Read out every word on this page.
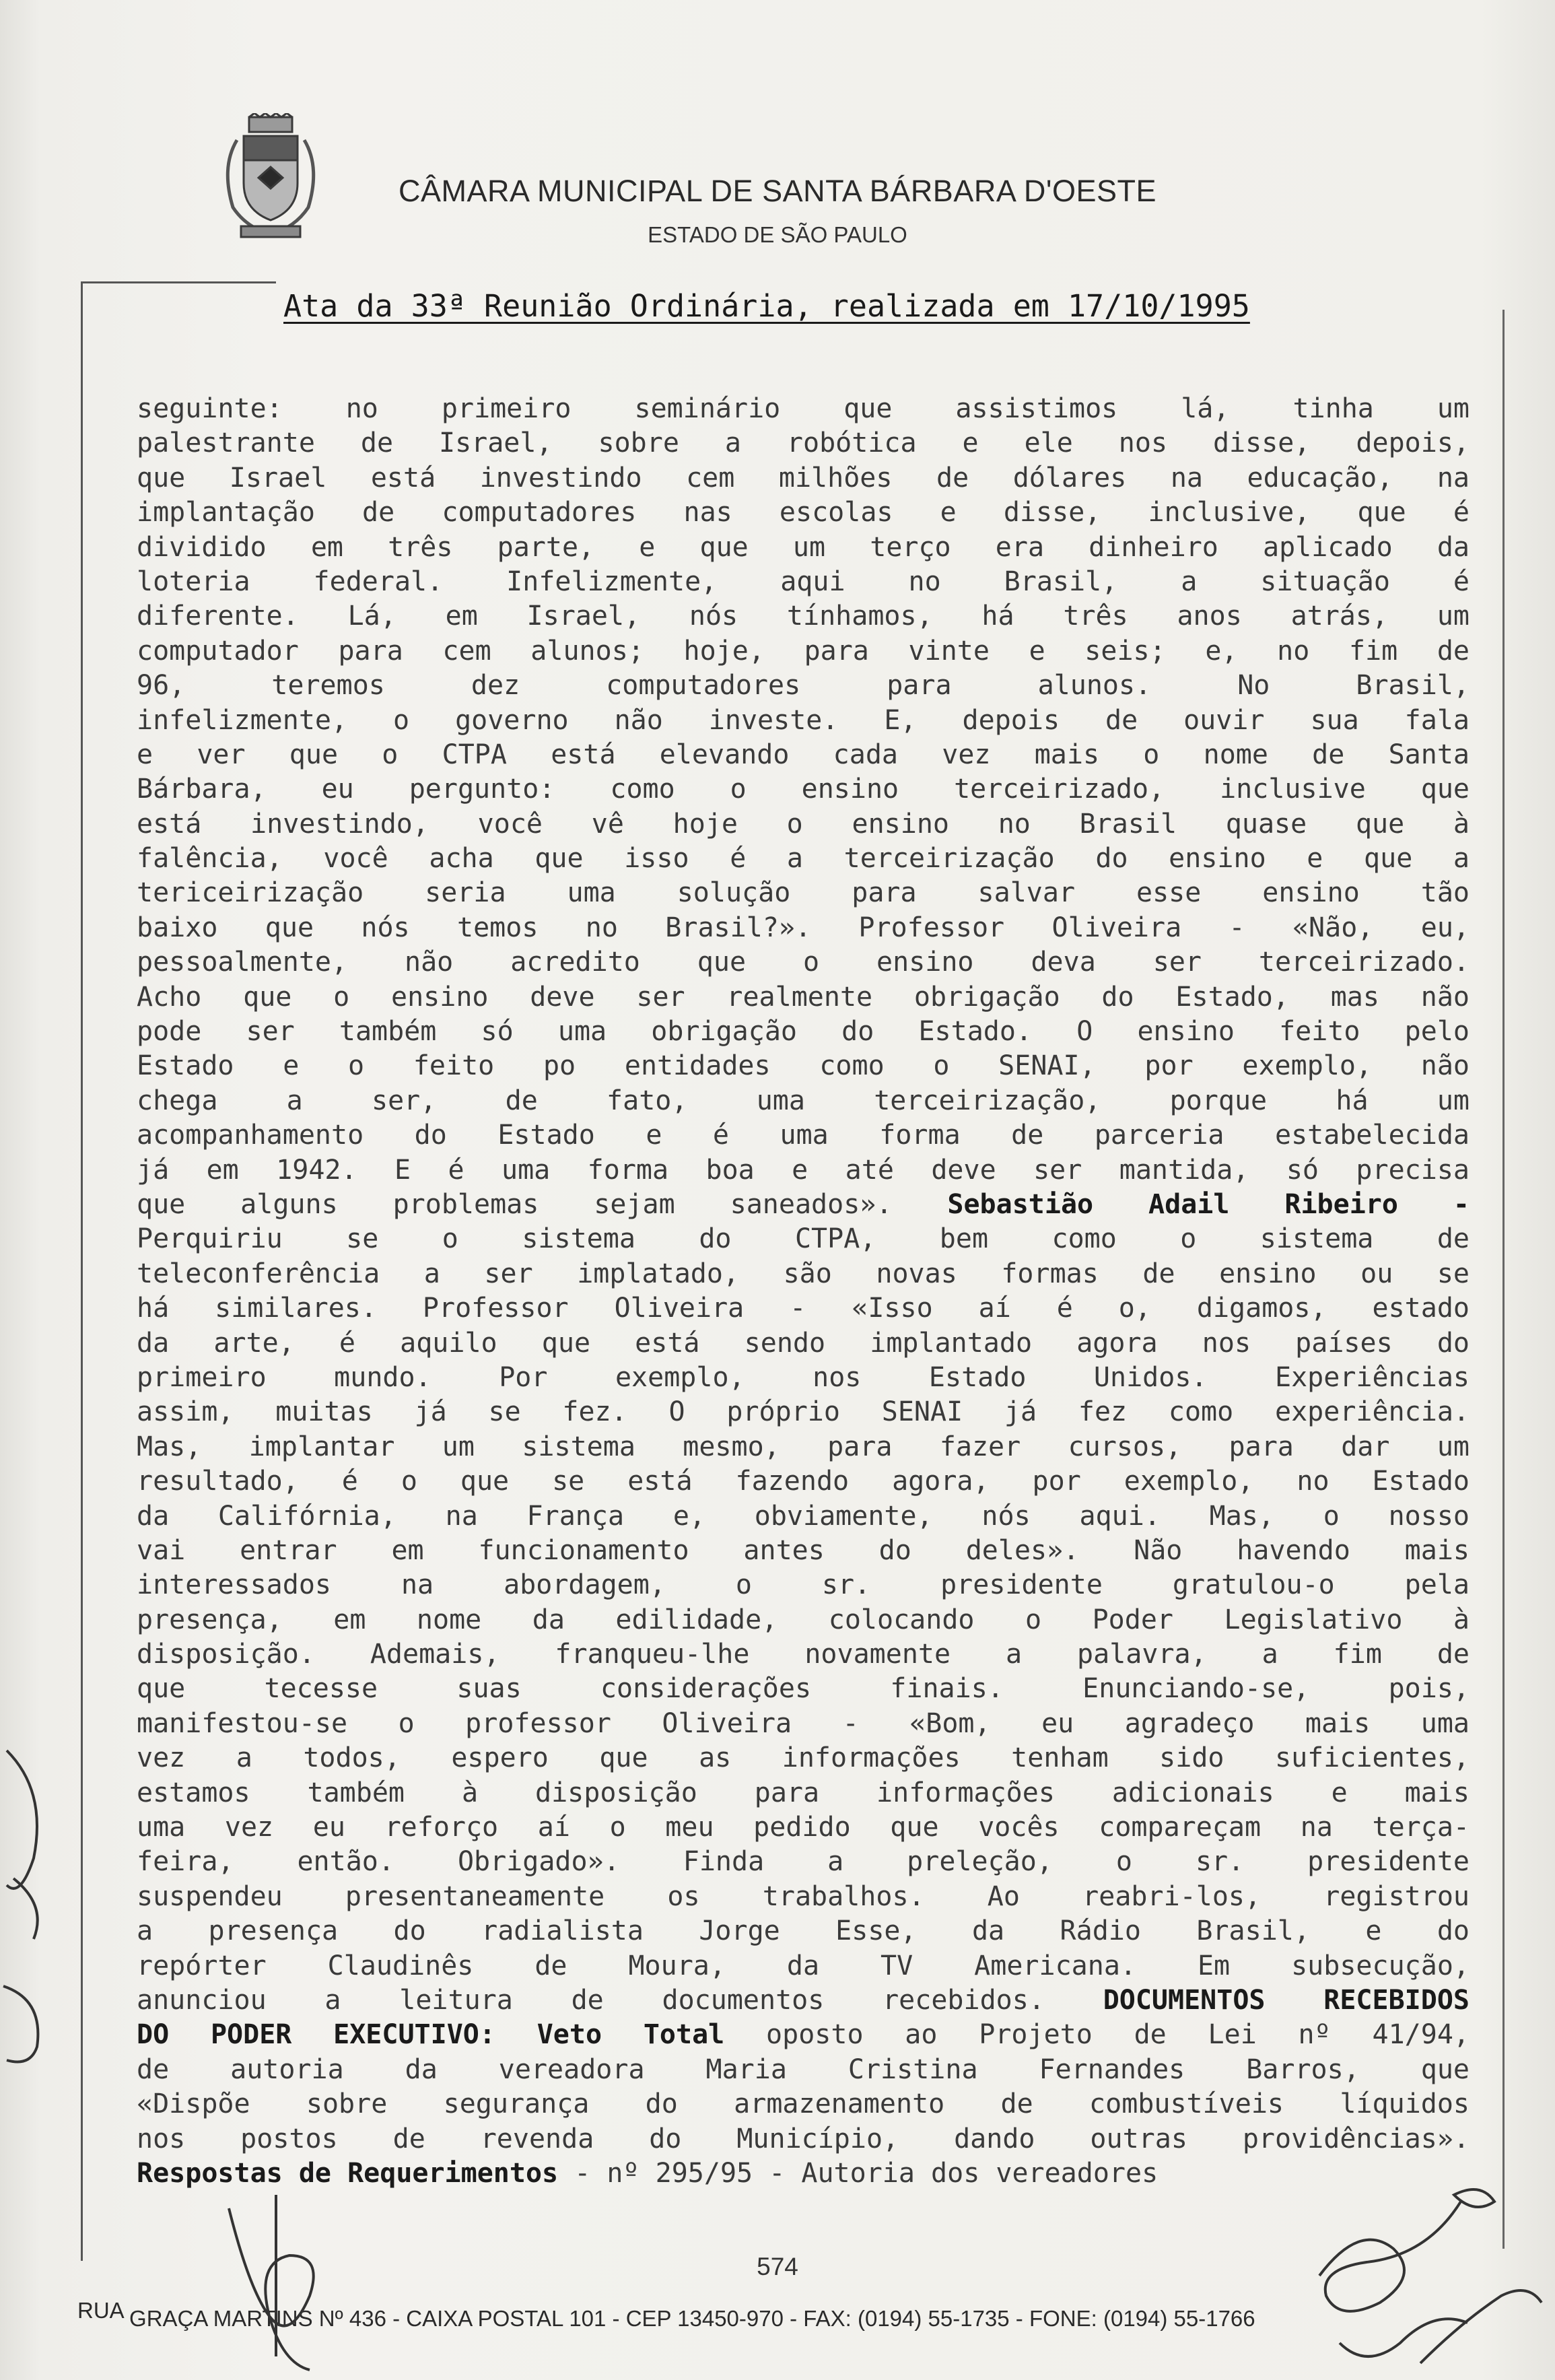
CÂMARA MUNICIPAL DE SANTA BÁRBARA D'OESTE
ESTADO DE SÃO PAULO
Ata da 33ª Reunião Ordinária, realizada em 17/10/1995
seguinte: no primeiro seminário que assistimos lá, tinha um
palestrante de Israel, sobre a robótica e ele nos disse, depois,
que Israel está investindo cem milhões de dólares na educação, na
implantação de computadores nas escolas e disse, inclusive, que é
dividido em três parte, e que um terço era dinheiro aplicado da
loteria federal. Infelizmente, aqui no Brasil, a situação é
diferente. Lá, em Israel, nós tínhamos, há três anos atrás, um
computador para cem alunos; hoje, para vinte e seis; e, no fim de
96, teremos dez computadores para alunos. No Brasil,
infelizmente, o governo não investe. E, depois de ouvir sua fala
e ver que o CTPA está elevando cada vez mais o nome de Santa
Bárbara, eu pergunto: como o ensino terceirizado, inclusive que
está investindo, você vê hoje o ensino no Brasil quase que à
falência, você acha que isso é a terceirização do ensino e que a
tericeirização seria uma solução para salvar esse ensino tão
baixo que nós temos no Brasil?». Professor Oliveira - «Não, eu,
pessoalmente, não acredito que o ensino deva ser terceirizado.
Acho que o ensino deve ser realmente obrigação do Estado, mas não
pode ser também só uma obrigação do Estado. O ensino feito pelo
Estado e o feito po entidades como o SENAI, por exemplo, não
chega a ser, de fato, uma terceirização, porque há um
acompanhamento do Estado e é uma forma de parceria estabelecida
já em 1942. E é uma forma boa e até deve ser mantida, só precisa
que alguns problemas sejam saneados». Sebastião Adail Ribeiro -
Perquiriu se o sistema do CTPA, bem como o sistema de
teleconferência a ser implatado, são novas formas de ensino ou se
há similares. Professor Oliveira - «Isso aí é o, digamos, estado
da arte, é aquilo que está sendo implantado agora nos países do
primeiro mundo. Por exemplo, nos Estado Unidos. Experiências
assim, muitas já se fez. O próprio SENAI já fez como experiência.
Mas, implantar um sistema mesmo, para fazer cursos, para dar um
resultado, é o que se está fazendo agora, por exemplo, no Estado
da Califórnia, na França e, obviamente, nós aqui. Mas, o nosso
vai entrar em funcionamento antes do deles». Não havendo mais
interessados na abordagem, o sr. presidente gratulou-o pela
presença, em nome da edilidade, colocando o Poder Legislativo à
disposição. Ademais, franqueu-lhe novamente a palavra, a fim de
que tecesse suas considerações finais. Enunciando-se, pois,
manifestou-se o professor Oliveira - «Bom, eu agradeço mais uma
vez a todos, espero que as informações tenham sido suficientes,
estamos também à disposição para informações adicionais e mais
uma vez eu reforço aí o meu pedido que vocês compareçam na terça-
feira, então. Obrigado». Finda a preleção, o sr. presidente
suspendeu presentaneamente os trabalhos. Ao reabri-los, registrou
a presença do radialista Jorge Esse, da Rádio Brasil, e do
repórter Claudinês de Moura, da TV Americana. Em subsecução,
anunciou a leitura de documentos recebidos. DOCUMENTOS RECEBIDOS
DO PODER EXECUTIVO: Veto Total oposto ao Projeto de Lei nº 41/94,
de autoria da vereadora Maria Cristina Fernandes Barros, que
«Dispõe sobre segurança do armazenamento de combustíveis líquidos
nos postos de revenda do Município, dando outras providências».
Respostas de Requerimentos - nº 295/95 - Autoria dos vereadores
574
RUA GRAÇA MARTINS Nº 436 - CAIXA POSTAL 101 - CEP 13450-970 - FAX: (0194) 55-1735 - FONE: (0194) 55-1766
